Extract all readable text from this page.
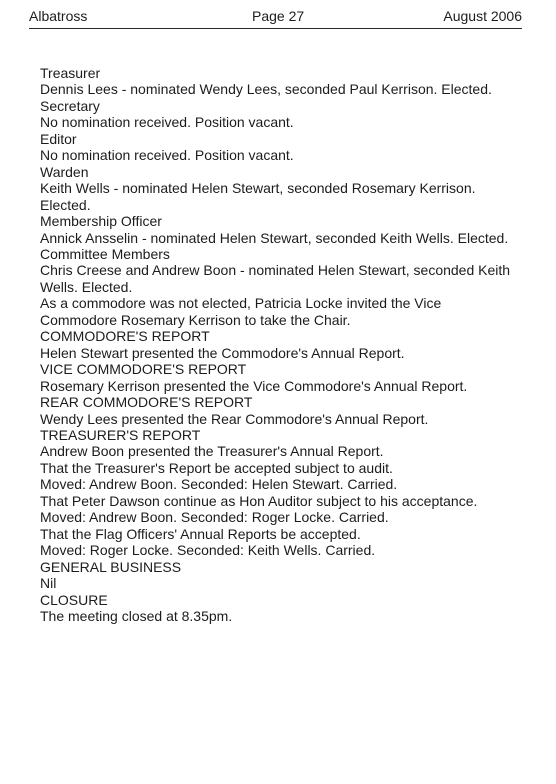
Albatross	Page 27	August 2006

Treasurer

Dennis Lees - nominated Wendy Lees, seconded Paul Kerrison. Elected.

Secretary

No nomination received. Position vacant.

Editor

No nomination received. Position vacant.

Warden

Keith Wells - nominated Helen Stewart, seconded Rosemary Kerrison. Elected.

Membership Officer

Annick Ansselin - nominated Helen Stewart, seconded Keith Wells. Elected.

Committee Members

Chris Creese and Andrew Boon - nominated Helen Stewart, seconded Keith Wells. Elected.

As a commodore was not elected, Patricia Locke invited the Vice Commodore Rosemary Kerrison to take the Chair.

COMMODORE'S REPORT

Helen Stewart presented the Commodore's Annual Report.

VICE COMMODORE'S REPORT

Rosemary Kerrison presented the Vice Commodore's Annual Report.

REAR COMMODORE'S REPORT

Wendy Lees presented the Rear Commodore's Annual Report.

TREASURER'S REPORT

Andrew Boon presented the Treasurer's Annual Report.

That the Treasurer's Report be accepted subject to audit.

Moved: Andrew Boon. Seconded: Helen Stewart. Carried.

That Peter Dawson continue as Hon Auditor subject to his acceptance.

Moved: Andrew Boon. Seconded: Roger Locke. Carried.

That the Flag Officers' Annual Reports be accepted.

Moved: Roger Locke. Seconded: Keith Wells. Carried.

GENERAL BUSINESS

Nil

CLOSURE

The meeting closed at 8.35pm.
